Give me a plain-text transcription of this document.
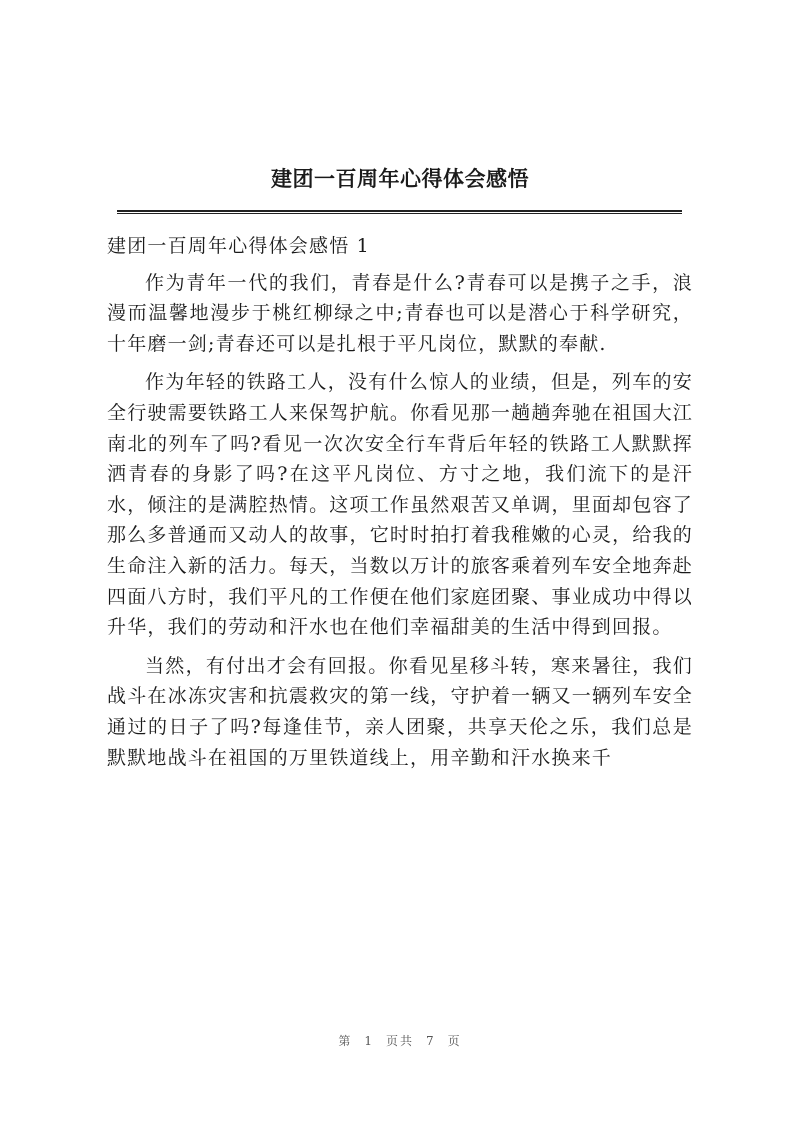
建团一百周年心得体会感悟

建团一百周年心得体会感悟 1

作为青年一代的我们，青春是什么?青春可以是携子之手，浪漫而温馨地漫步于桃红柳绿之中;青春也可以是潜心于科学研究，十年磨一剑;青春还可以是扎根于平凡岗位，默默的奉献.

作为年轻的铁路工人，没有什么惊人的业绩，但是，列车的安全行驶需要铁路工人来保驾护航。你看见那一趟趟奔驰在祖国大江南北的列车了吗?看见一次次安全行车背后年轻的铁路工人默默挥洒青春的身影了吗?在这平凡岗位、方寸之地，我们流下的是汗水，倾注的是满腔热情。这项工作虽然艰苦又单调，里面却包容了那么多普通而又动人的故事，它时时拍打着我稚嫩的心灵，给我的生命注入新的活力。每天，当数以万计的旅客乘着列车安全地奔赴四面八方时，我们平凡的工作便在他们家庭团聚、事业成功中得以升华，我们的劳动和汗水也在他们幸福甜美的生活中得到回报。

当然，有付出才会有回报。你看见星移斗转，寒来暑往，我们战斗在冰冻灾害和抗震救灾的第一线，守护着一辆又一辆列车安全通过的日子了吗?每逢佳节，亲人团聚，共享天伦之乐，我们总是默默地战斗在祖国的万里铁道线上，用辛勤和汗水换来千

第 1 页共 7 页
